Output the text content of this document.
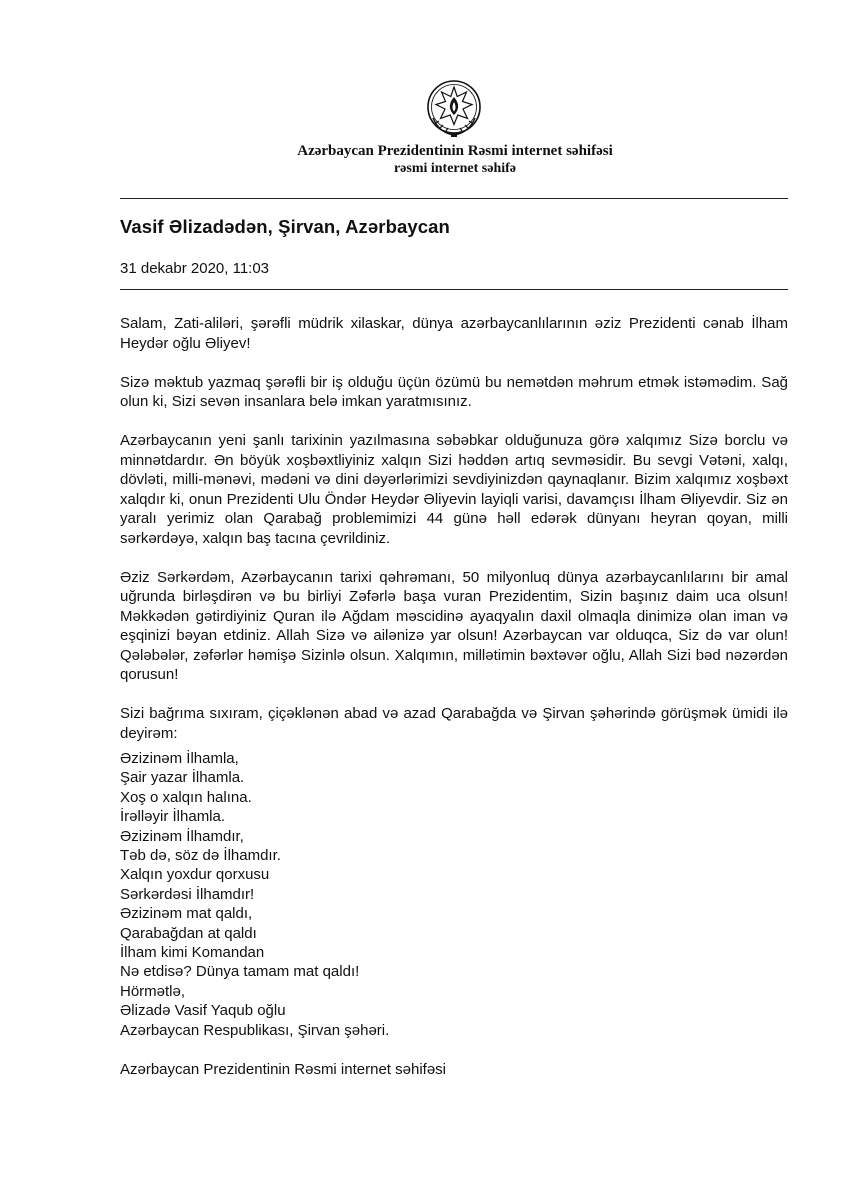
Azərbaycan Prezidentinin Rəsmi internet səhifəsi
rəsmi internet səhifə
Vasif Əlizadədən, Şirvan, Azərbaycan
31 dekabr 2020, 11:03

Salam, Zati-aliləri, şərəfli müdrik xilaskar, dünya azərbaycanlılarının əziz Prezidenti cənab İlham Heydər oğlu Əliyev!

Sizə məktub yazmaq şərəfli bir iş olduğu üçün özümü bu nemətdən məhrum etmək istəmədim. Sağ olun ki, Sizi sevən insanlara belə imkan yaratmısınız.

Azərbaycanın yeni şanlı tarixinin yazılmasına səbəbkar olduğunuza görə xalqımız Sizə borclu və minnətdardır. Ən böyük xoşbəxtliyiniz xalqın Sizi həddən artıq sevməsidir. Bu sevgi Vətəni, xalqı, dövləti, milli-mənəvi, mədəni və dini dəyərlərimizi sevdiyinizdən qaynaqlanır. Bizim xalqımız xoşbəxt xalqdır ki, onun Prezidenti Ulu Öndər Heydər Əliyevin layiqli varisi, davamçısı İlham Əliyevdir. Siz ən yaralı yerimiz olan Qarabağ problemimizi 44 günə həll edərək dünyanı heyran qoyan, milli sərkərdəyə, xalqın baş tacına çevrildiniz.

Əziz Sərkərdəm, Azərbaycanın tarixi qəhrəmanı, 50 milyonluq dünya azərbaycanlılarını bir amal uğrunda birləşdirən və bu birliyi Zəfərlə başa vuran Prezidentim, Sizin başınız daim uca olsun! Məkkədən gətirdiyiniz Quran ilə Ağdam məscidinə ayaqyalın daxil olmaqla dinimizə olan iman və eşqinizi bəyan etdiniz. Allah Sizə və ailənizə yar olsun! Azərbaycan var olduqca, Siz də var olun! Qələbələr, zəfərlər həmişə Sizinlə olsun. Xalqımın, millətimin bəxtəvər oğlu, Allah Sizi bəd nəzərdən qorusun!

Sizi bağrıma sıxıram, çiçəklənən abad və azad Qarabağda və Şirvan şəhərində görüşmək ümidi ilə deyirəm:

Əzizinəm İlhamla,
Şair yazar İlhamla.
Xoş o xalqın halına.
İrəlləyir İlhamla.
Əzizinəm İlhamdır,
Təb də, söz də İlhamdır.
Xalqın yoxdur qorxusu
Sərkərdəsi İlhamdır!
Əzizinəm mat qaldı,
Qarabağdan at qaldı
İlham kimi Komandan
Nə etdisə? Dünya tamam mat qaldı!
Hörmətlə,
Əlizadə Vasif Yaqub oğlu
Azərbaycan Respublikası, Şirvan şəhəri.

Azərbaycan Prezidentinin Rəsmi internet səhifəsi
